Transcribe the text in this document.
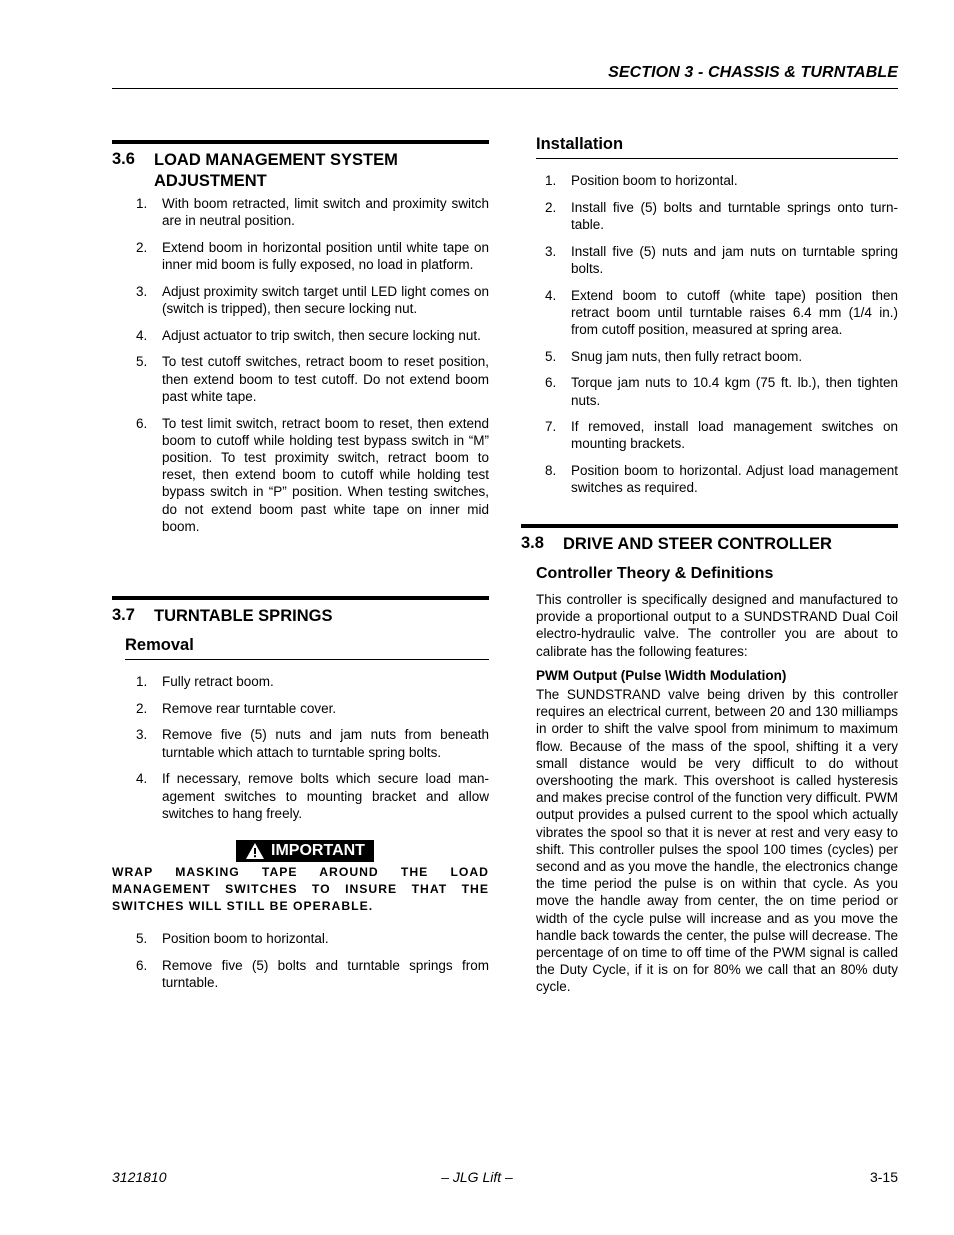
SECTION 3 - CHASSIS & TURNTABLE
3.6 LOAD MANAGEMENT SYSTEM ADJUSTMENT
1. With boom retracted, limit switch and proximity switch are in neutral position.
2. Extend boom in horizontal position until white tape on inner mid boom is fully exposed, no load in platform.
3. Adjust proximity switch target until LED light comes on (switch is tripped), then secure locking nut.
4. Adjust actuator to trip switch, then secure locking nut.
5. To test cutoff switches, retract boom to reset position, then extend boom to test cutoff. Do not extend boom past white tape.
6. To test limit switch, retract boom to reset, then extend boom to cutoff while holding test bypass switch in “M” position. To test proximity switch, retract boom to reset, then extend boom to cutoff while holding test bypass switch in “P” position. When testing switches, do not extend boom past white tape on inner mid boom.
3.7 TURNTABLE SPRINGS
Removal
1. Fully retract boom.
2. Remove rear turntable cover.
3. Remove five (5) nuts and jam nuts from beneath turntable which attach to turntable spring bolts.
4. If necessary, remove bolts which secure load management switches to mounting bracket and allow switches to hang freely.
IMPORTANT
WRAP MASKING TAPE AROUND THE LOAD MANAGEMENT SWITCHES TO INSURE THAT THE SWITCHES WILL STILL BE OPERABLE.
5. Position boom to horizontal.
6. Remove five (5) bolts and turntable springs from turntable.
Installation
1. Position boom to horizontal.
2. Install five (5) bolts and turntable springs onto turntable.
3. Install five (5) nuts and jam nuts on turntable spring bolts.
4. Extend boom to cutoff (white tape) position then retract boom until turntable raises 6.4 mm (1/4 in.) from cutoff position, measured at spring area.
5. Snug jam nuts, then fully retract boom.
6. Torque jam nuts to 10.4 kgm (75 ft. lb.), then tighten nuts.
7. If removed, install load management switches on mounting brackets.
8. Position boom to horizontal. Adjust load management switches as required.
3.8 DRIVE AND STEER CONTROLLER
Controller Theory & Definitions
This controller is specifically designed and manufactured to provide a proportional output to a SUNDSTRAND Dual Coil electro-hydraulic valve. The controller you are about to calibrate has the following features:
PWM Output (Pulse \Width Modulation)
The SUNDSTRAND valve being driven by this controller requires an electrical current, between 20 and 130 milliamps in order to shift the valve spool from minimum to maximum flow. Because of the mass of the spool, shifting it a very small distance would be very difficult to do without overshooting the mark. This overshoot is called hysteresis and makes precise control of the function very difficult. PWM output provides a pulsed current to the spool which actually vibrates the spool so that it is never at rest and very easy to shift. This controller pulses the spool 100 times (cycles) per second and as you move the handle, the electronics change the time period the pulse is on within that cycle. As you move the handle away from center, the on time period or width of the cycle pulse will increase and as you move the handle back towards the center, the pulse will decrease. The percentage of on time to off time of the PWM signal is called the Duty Cycle, if it is on for 80% we call that an 80% duty cycle.
3121810	– JLG Lift –	3-15
